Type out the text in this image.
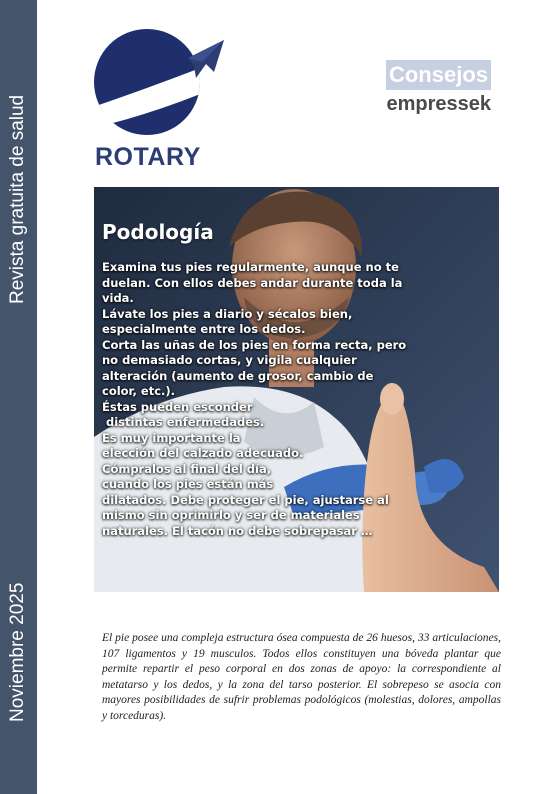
Revista gratuita de salud
Noviembre 2025
ROTARY
Consejos
empressek
Podología
Examina tus pies regularmente, aunque no te
duelan. Con ellos debes andar durante toda la
vida.
Lávate los pies a diario y sécalos bien,
especialmente entre los dedos.
Corta las uñas de los pies en forma recta, pero
no demasiado cortas, y vigila cualquier
alteración (aumento de grosor, cambio de
color, etc.).
Éstas pueden esconder
distintas enfermedades.
Es muy importante la
elección del calzado adecuado.
Cómpralos al final del día,
cuando los pies están más
dilatados. Debe proteger el pie, ajustarse al
mismo sin oprimirlo y ser de materiales
naturales. El tacón no debe sobrepasar …

El pie posee una compleja estructura ósea compuesta de 26 huesos, 33 articulaciones, 107 ligamentos y 19 musculos. Todos ellos constituyen una bóveda plantar que permite repartir el peso corporal en dos zonas de apoyo: la correspondiente al metatarso y los dedos, y la zona del tarso posterior. El sobrepeso se asocia con mayores posibilidades de sufrir problemas podológicos (molestias, dolores, ampollas y torceduras).
